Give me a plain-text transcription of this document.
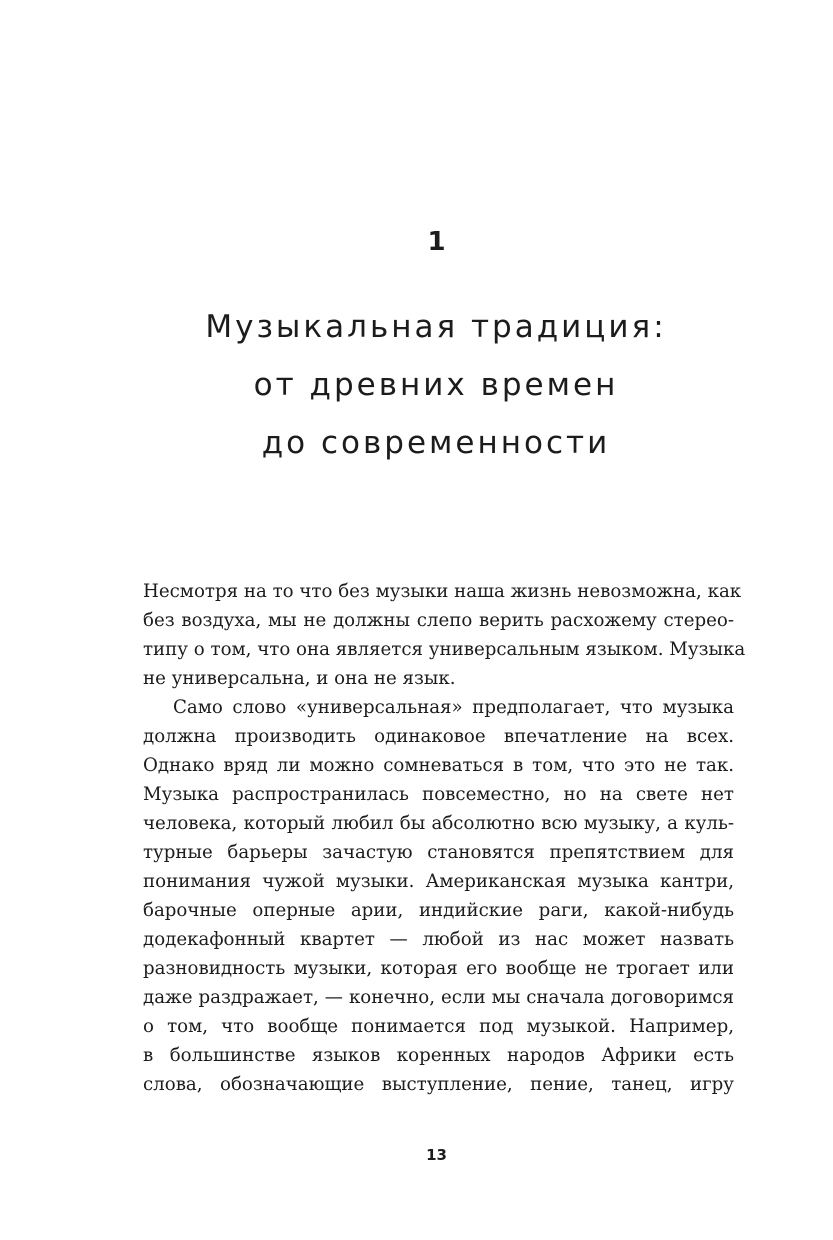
1
Музыкальная традиция:
от древних времен
до современности
Несмотря на то что без музыки наша жизнь невозможна, как
без воздуха, мы не должны слепо верить расхожему стерео-
типу о том, что она является универсальным языком. Музыка
не универсальна, и она не язык.
Само слово «универсальная» предполагает, что музыка
должна производить одинаковое впечатление на всех.
Однако вряд ли можно сомневаться в том, что это не так.
Музыка распространилась повсеместно, но на свете нет
человека, который любил бы абсолютно всю музыку, а куль-
турные барьеры зачастую становятся препятствием для
понимания чужой музыки. Американская музыка кантри,
барочные оперные арии, индийские раги, какой-нибудь
додекафонный квартет — любой из нас может назвать
разновидность музыки, которая его вообще не трогает или
даже раздражает, — конечно, если мы сначала договоримся
о том, что вообще понимается под музыкой. Например,
в большинстве языков коренных народов Африки есть
слова, обозначающие выступление, пение, танец, игру
13
